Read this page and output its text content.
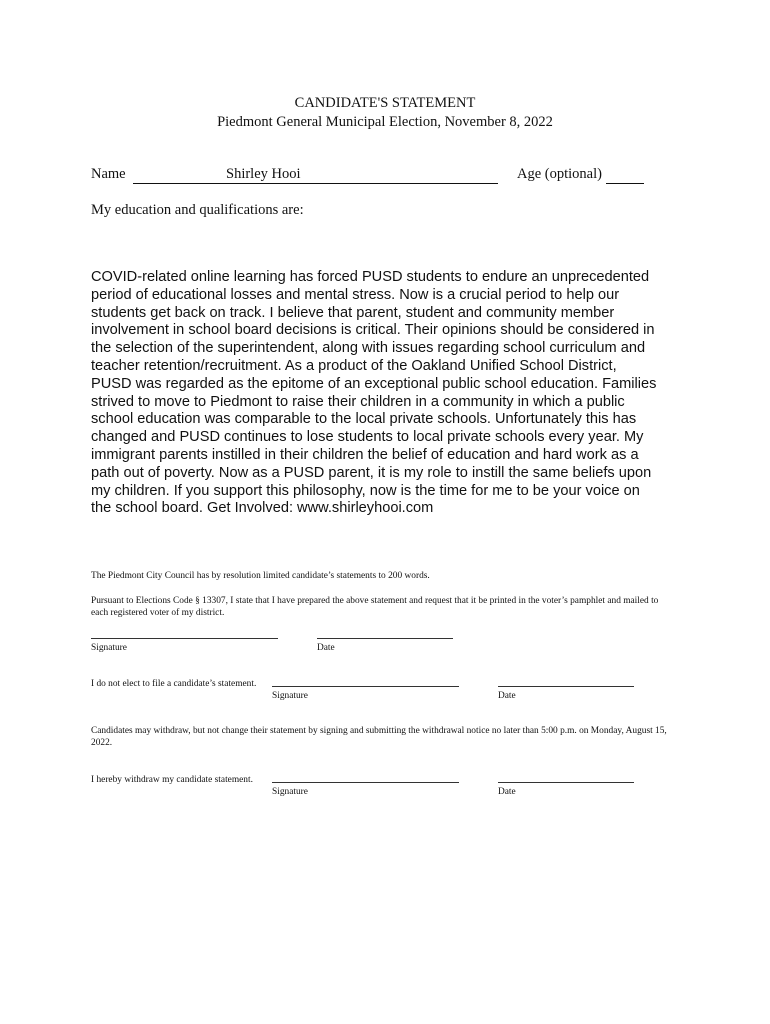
CANDIDATE'S STATEMENT
Piedmont General Municipal Election, November 8, 2022
Name	Shirley Hooi	Age (optional)
My education and qualifications are:
COVID-related online learning has forced PUSD students to endure an unprecedented
period of educational losses and mental stress. Now is a crucial period to help our
students get back on track. I believe that parent, student and community member
involvement in school board decisions is critical. Their opinions should be considered in
the selection of the superintendent, along with issues regarding school curriculum and
teacher retention/recruitment. As a product of the Oakland Unified School District,
PUSD was regarded as the epitome of an exceptional public school education. Families
strived to move to Piedmont to raise their children in a community in which a public
school education was comparable to the local private schools. Unfortunately this has
changed and PUSD continues to lose students to local private schools every year. My
immigrant parents instilled in their children the belief of education and hard work as a
path out of poverty. Now as a PUSD parent, it is my role to instill the same beliefs upon
my children. If you support this philosophy, now is the time for me to be your voice on
the school board. Get Involved: www.shirleyhooi.com
The Piedmont City Council has by resolution limited candidate’s statements to 200 words.
Pursuant to Elections Code § 13307, I state that I have prepared the above statement and request that it be printed in the voter’s pamphlet and mailed to each registered voter of my district.
Signature	Date
I do not elect to file a candidate’s statement.
Signature	Date
Candidates may withdraw, but not change their statement by signing and submitting the withdrawal notice no later than 5:00 p.m. on Monday, August 15, 2022.
I hereby withdraw my candidate statement.
Signature	Date
